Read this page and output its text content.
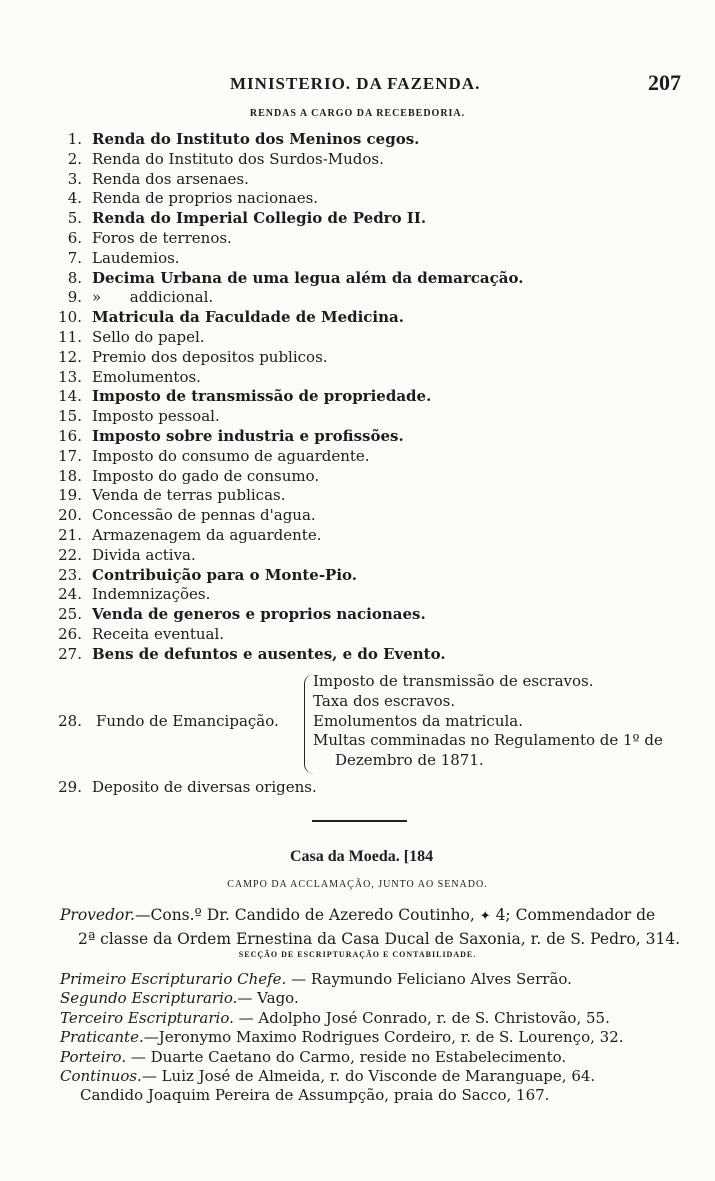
MINISTERIO. DA FAZENDA.	207
RENDAS A CARGO DA RECEBEDORIA.
1. Renda do Instituto dos Meninos cegos.
2. Renda do Instituto dos Surdos-Mudos.
3. Renda dos arsenaes.
4. Renda de proprios nacionaes.
5. Renda do Imperial Collegio de Pedro II.
6. Foros de terrenos.
7. Laudemios.
8. Decima Urbana de uma legua além da demarcação.
9. »      addicional.
10. Matricula da Faculdade de Medicina.
11. Sello do papel.
12. Premio dos depositos publicos.
13. Emolumentos.
14. Imposto de transmissão de propriedade.
15. Imposto pessoal.
16. Imposto sobre industria e profissões.
17. Imposto do consumo de aguardente.
18. Imposto do gado de consumo.
19. Venda de terras publicas.
20. Concessão de pennas d'agua.
21. Armazenagem da aguardente.
22. Divida activa.
23. Contribuição para o Monte-Pio.
24. Indemnizações.
25. Venda de generos e proprios nacionaes.
26. Receita eventual.
27. Bens de defuntos e ausentes, e do Evento.
28. Fundo de Emancipação.
Imposto de transmissão de escravos.
Taxa dos escravos.
Emolumentos da matricula.
Multas comminadas no Regulamento de 1º de
Dezembro de 1871.
29. Deposito de diversas origens.
Casa da Moeda. [184
CAMPO DA ACCLAMAÇÃO, JUNTO AO SENADO.
Provedor.—Cons.º Dr. Candido de Azeredo Coutinho, ✦ 4; Commendador de
2ª classe da Ordem Ernestina da Casa Ducal de Saxonia, r. de S. Pedro, 314.
SECÇÃO DE ESCRIPTURAÇÃO E CONTABILIDADE.
Primeiro Escripturario Chefe. — Raymundo Feliciano Alves Serrão.
Segundo Escripturario.— Vago.
Terceiro Escripturario. — Adolpho José Conrado, r. de S. Christovão, 55.
Praticante.—Jeronymo Maximo Rodrigues Cordeiro, r. de S. Lourenço, 32.
Porteiro. — Duarte Caetano do Carmo, reside no Estabelecimento.
Continuos.— Luiz José de Almeida, r. do Visconde de Maranguape, 64.
Candido Joaquim Pereira de Assumpção, praia do Sacco, 167.
